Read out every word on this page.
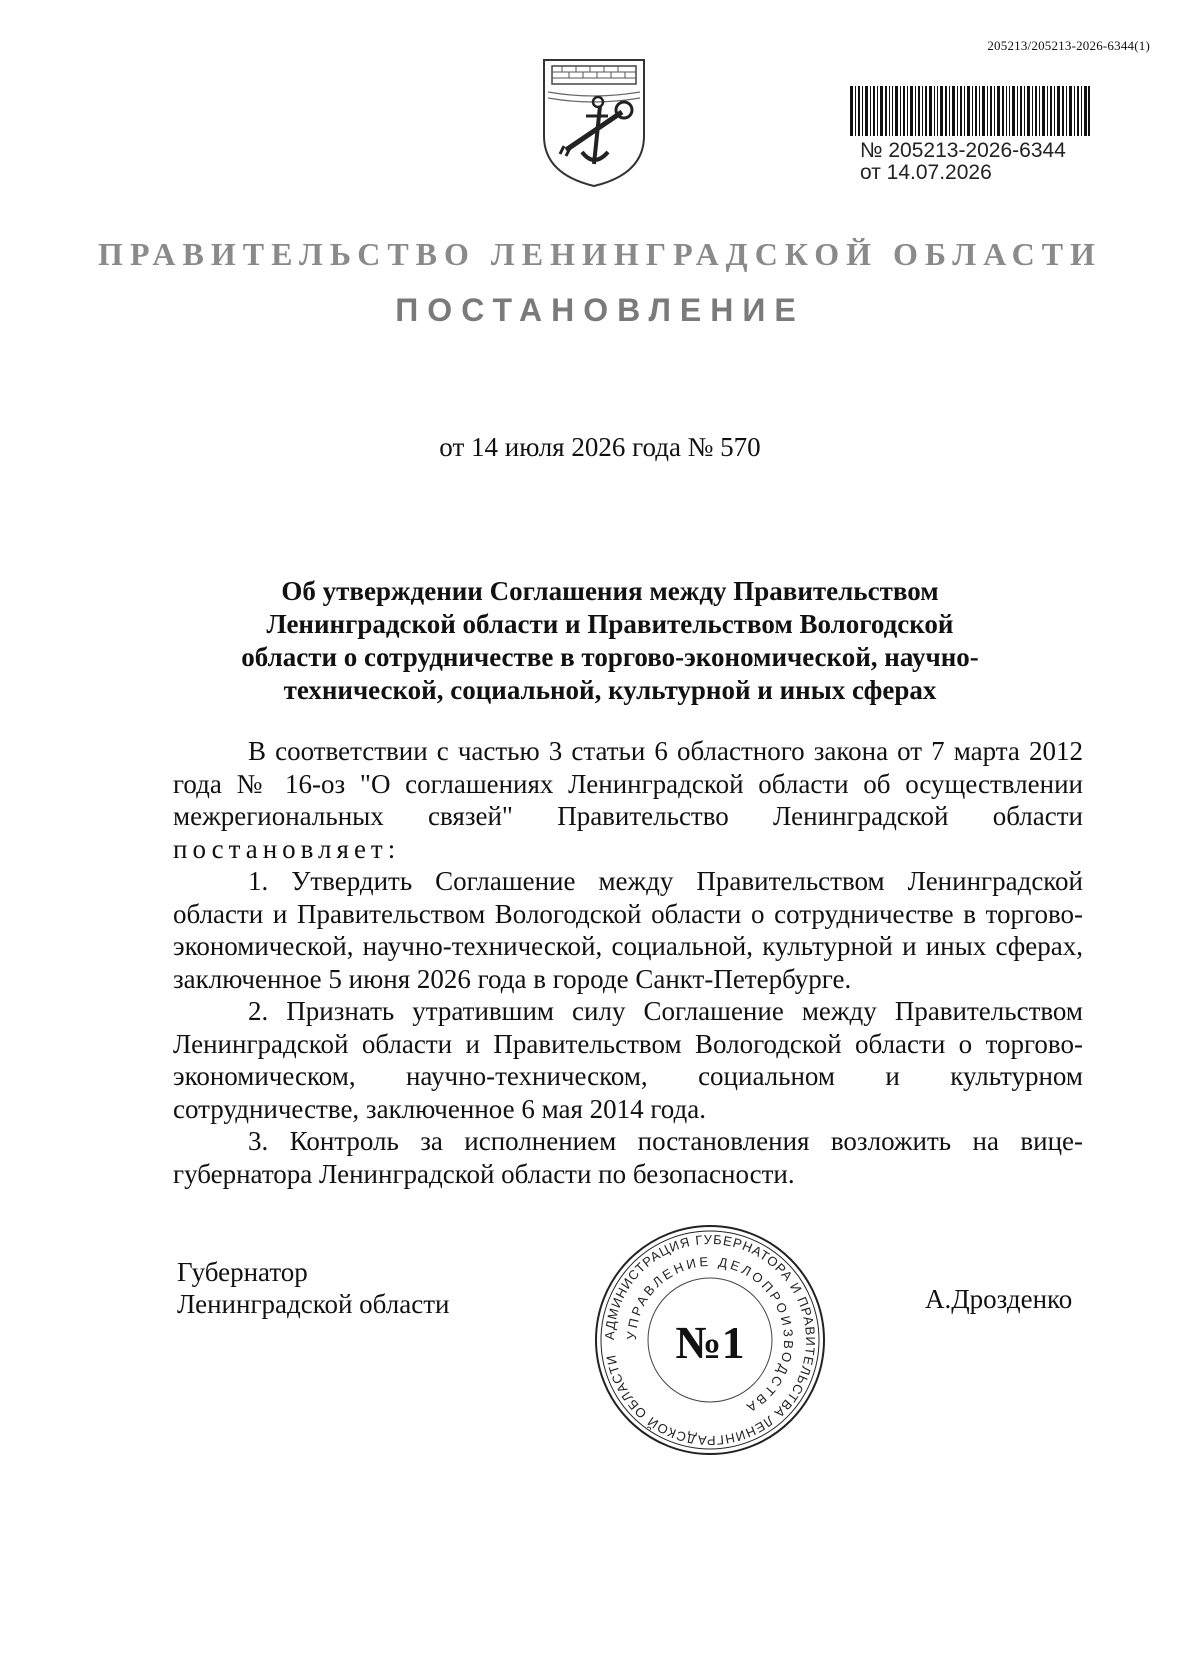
205213/205213-2026-6344(1)
№ 205213-2026-6344
от 14.07.2026
ПРАВИТЕЛЬСТВО ЛЕНИНГРАДСКОЙ ОБЛАСТИ
ПОСТАНОВЛЕНИЕ
от 14 июля 2026 года № 570
Об утверждении Соглашения между Правительством
Ленинградской области и Правительством Вологодской
области о сотрудничестве в торгово-экономической, научно-
технической, социальной, культурной и иных сферах

В соответствии с частью 3 статьи 6 областного закона от 7 марта 2012 года № 16-оз "О соглашениях Ленинградской области об осуществлении межрегиональных связей" Правительство Ленинградской области постановляет:

1. Утвердить Соглашение между Правительством Ленинградской области и Правительством Вологодской области о сотрудничестве в торгово-экономической, научно-технической, социальной, культурной и иных сферах, заключенное 5 июня 2026 года в городе Санкт-Петербурге.

2. Признать утратившим силу Соглашение между Правительством Ленинградской области и Правительством Вологодской области о торгово-экономическом, научно-техническом, социальном и культурном сотрудничестве, заключенное 6 мая 2014 года.

3. Контроль за исполнением постановления возложить на вице-губернатора Ленинградской области по безопасности.

Губернатор
Ленинградской области
АДМИНИСТРАЦИЯ ГУБЕРНАТОРА И ПРАВИТЕЛЬСТВА ЛЕНИНГРАДСКОЙ ОБЛАСТИ
УПРАВЛЕНИЕ ДЕЛОПРОИЗВОДСТВА
№1
А.Дрозденко
